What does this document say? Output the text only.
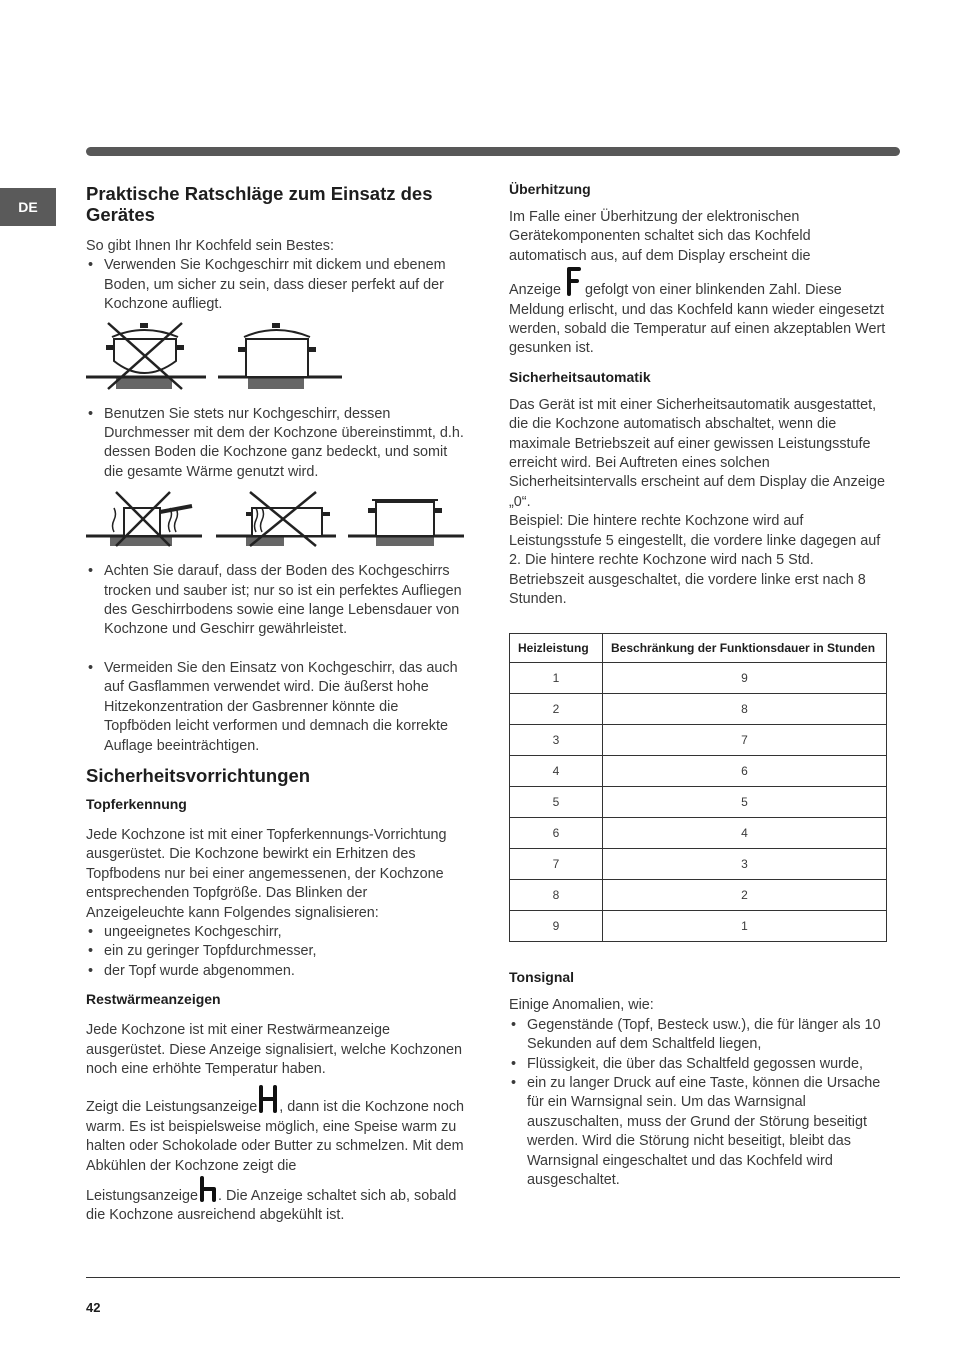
DE
Praktische Ratschläge zum Einsatz des Gerätes

So gibt Ihnen Ihr Kochfeld sein Bestes:

• Verwenden Sie Kochgeschirr mit dickem und ebenem Boden, um sicher zu sein, dass dieser perfekt auf der Kochzone aufliegt.
• Benutzen Sie stets nur Kochgeschirr, dessen Durchmesser mit dem der Kochzone übereinstimmt, d.h. dessen Boden die Kochzone ganz bedeckt, und somit die gesamte Wärme genutzt wird.
• Achten Sie darauf, dass der Boden des Kochgeschirrs trocken und sauber ist; nur so ist ein perfektes Aufliegen des Geschirrbodens sowie eine lange Lebensdauer von Kochzone und Geschirr gewährleistet.
• Vermeiden Sie den Einsatz von Kochgeschirr, das auch auf Gasflammen verwendet wird. Die äußerst hohe Hitzekonzentration der Gasbrenner könnte die Topfböden leicht verformen und demnach die korrekte Auflage beeinträchtigen.
Sicherheitsvorrichtungen
Topferkennung

Jede Kochzone ist mit einer Topferkennungs-Vorrichtung ausgerüstet. Die Kochzone bewirkt ein Erhitzen des Topfbodens nur bei einer angemessenen, der Kochzone entsprechenden Topfgröße. Das Blinken der Anzeigeleuchte kann Folgendes signalisieren:

• ungeeignetes Kochgeschirr,
• ein zu geringer Topfdurchmesser,
• der Topf wurde abgenommen.
Restwärmeanzeigen

Jede Kochzone ist mit einer Restwärmeanzeige ausgerüstet. Diese Anzeige signalisiert, welche Kochzonen noch eine erhöhte Temperatur haben.

Zeigt die Leistungsanzeige , dann ist die Kochzone noch warm. Es ist beispielsweise möglich, eine Speise warm zu halten oder Schokolade oder Butter zu schmelzen. Mit dem Abkühlen der Kochzone zeigt die

Leistungsanzeige . Die Anzeige schaltet sich ab, sobald die Kochzone ausreichend abgekühlt ist.

Überhitzung

Im Falle einer Überhitzung der elektronischen Gerätekomponenten schaltet sich das Kochfeld automatisch aus, auf dem Display erscheint die

Anzeige gefolgt von einer blinkenden Zahl. Diese Meldung erlischt, und das Kochfeld kann wieder eingesetzt werden, sobald die Temperatur auf einen akzeptablen Wert gesunken ist.

Sicherheitsautomatik

Das Gerät ist mit einer Sicherheitsautomatik ausgestattet, die die Kochzone automatisch abschaltet, wenn die maximale Betriebszeit auf einer gewissen Leistungsstufe erreicht wird. Bei Auftreten eines solchen Sicherheitsintervalls erscheint auf dem Display die Anzeige „0“.

Beispiel: Die hintere rechte Kochzone wird auf Leistungsstufe 5 eingestellt, die vordere linke dagegen auf 2. Die hintere rechte Kochzone wird nach 5 Std. Betriebszeit ausgeschaltet, die vordere linke erst nach 8 Stunden.

Heizleistung	Beschränkung der Funktionsdauer in Stunden
1	9
2	8
3	7
4	6
5	5
6	4
7	3
8	2
9	1
Tonsignal

Einige Anomalien, wie:

• Gegenstände (Topf, Besteck usw.), die für länger als 10 Sekunden auf dem Schaltfeld liegen,
• Flüssigkeit, die über das Schaltfeld gegossen wurde,
• ein zu langer Druck auf eine Taste, können die Ursache für ein Warnsignal sein. Um das Warnsignal auszuschalten, muss der Grund der Störung beseitigt werden. Wird die Störung nicht beseitigt, bleibt das Warnsignal eingeschaltet und das Kochfeld wird ausgeschaltet.
42
